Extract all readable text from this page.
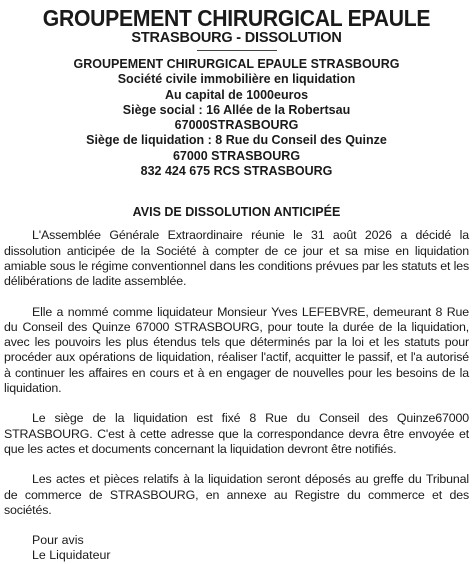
GROUPEMENT CHIRURGICAL EPAULE
STRASBOURG - DISSOLUTION

GROUPEMENT CHIRURGICAL EPAULE STRASBOURG

Société civile immobilière en liquidation

Au capital de 1000euros

Siège social : 16 Allée de la Robertsau

67000STRASBOURG

Siège de liquidation : 8 Rue du Conseil des Quinze

67000 STRASBOURG

832 424 675 RCS STRASBOURG

AVIS DE DISSOLUTION ANTICIPÉE

L'Assemblée Générale Extraordinaire réunie le 31 août 2026 a décidé la dissolution anticipée de la Société à compter de ce jour et sa mise en liquidation amiable sous le régime conventionnel dans les conditions prévues par les statuts et les délibérations de ladite assemblée.

Elle a nommé comme liquidateur Monsieur Yves LEFEBVRE, demeurant 8 Rue du Conseil des Quinze 67000 STRASBOURG, pour toute la durée de la liquidation, avec les pouvoirs les plus étendus tels que déterminés par la loi et les statuts pour procéder aux opérations de liquidation, réaliser l'actif, acquitter le passif, et l'a autorisé à continuer les affaires en cours et à en engager de nouvelles pour les besoins de la liquidation.

Le siège de la liquidation est fixé 8 Rue du Conseil des Quinze67000 STRASBOURG. C'est à cette adresse que la correspondance devra être envoyée et que les actes et documents concernant la liquidation devront être notifiés.

Les actes et pièces relatifs à la liquidation seront déposés au greffe du Tribunal de commerce de STRASBOURG, en annexe au Registre du commerce et des sociétés.

Pour avis

Le Liquidateur
